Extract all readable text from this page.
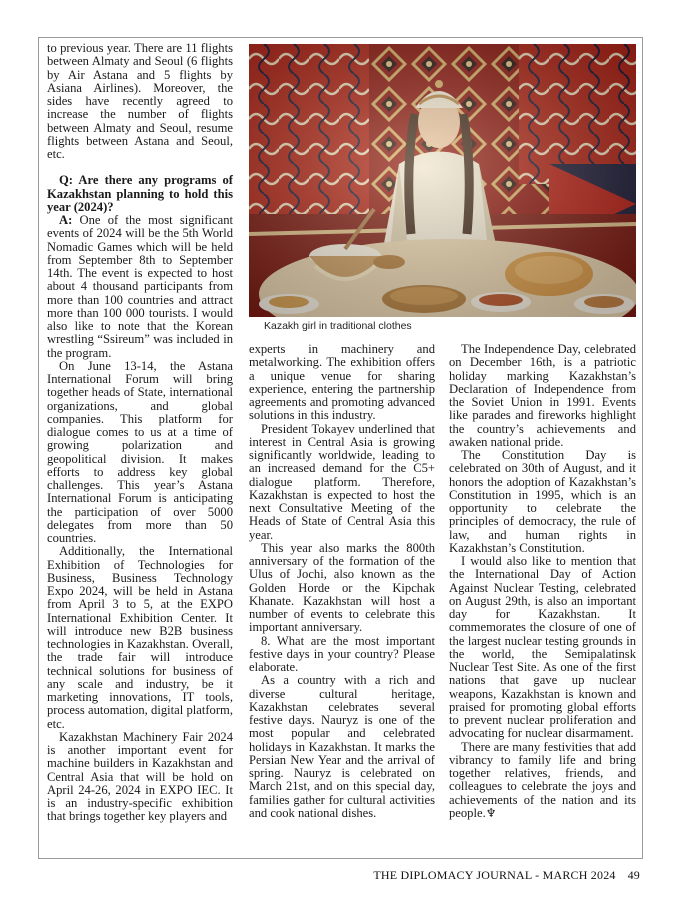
to previous year. There are 11 flights between Almaty and Seoul (6 flights by Air Astana and 5 flights by Asiana Airlines). Moreover, the sides have recently agreed to increase the number of flights between Almaty and Seoul, resume flights between Astana and Seoul, etc.

Q: Are there any programs of Kazakhstan planning to hold this year (2024)?

A: One of the most significant events of 2024 will be the 5th World Nomadic Games which will be held from September 8th to September 14th. The event is expected to host about 4 thousand participants from more than 100 countries and attract more than 100 000 tourists. I would also like to note that the Korean wrestling “Ssireum” was included in the program.

On June 13-14, the Astana International Forum will bring together heads of State, international organizations, and global companies. This platform for dialogue comes to us at a time of growing polarization and geopolitical division. It makes efforts to address key global challenges. This year’s Astana International Forum is anticipating the participation of over 5000 delegates from more than 50 countries.

Additionally, the International Exhibition of Technologies for Business, Business Technology Expo 2024, will be held in Astana from April 3 to 5, at the EXPO International Exhibition Center. It will introduce new B2B business technologies in Kazakhstan. Overall, the trade fair will introduce technical solutions for business of any scale and industry, be it marketing innovations, IT tools, process automation, digital platform, etc.

Kazakhstan Machinery Fair 2024 is another important event for machine builders in Kazakhstan and Central Asia that will be hold on April 24-26, 2024 in EXPO IEC. It is an industry-specific exhibition that brings together key players and

Kazakh girl in traditional clothes

experts in machinery and metalworking. The exhibition offers a unique venue for sharing experience, entering the partnership agreements and promoting advanced solutions in this industry.

President Tokayev underlined that interest in Central Asia is growing significantly worldwide, leading to an increased demand for the C5+ dialogue platform. Therefore, Kazakhstan is expected to host the next Consultative Meeting of the Heads of State of Central Asia this year.

This year also marks the 800th anniversary of the formation of the Ulus of Jochi, also known as the Golden Horde or the Kipchak Khanate. Kazakhstan will host a number of events to celebrate this important anniversary.

8. What are the most important festive days in your country? Please elaborate.

As a country with a rich and diverse cultural heritage, Kazakhstan celebrates several festive days. Nauryz is one of the most popular and celebrated holidays in Kazakhstan. It marks the Persian New Year and the arrival of spring. Nauryz is celebrated on March 21st, and on this special day, families gather for cultural activities and cook national dishes.

The Independence Day, celebrated on December 16th, is a patriotic holiday marking Kazakhstan’s Declaration of Independence from the Soviet Union in 1991. Events like parades and fireworks highlight the country’s achievements and awaken national pride.

The Constitution Day is celebrated on 30th of August, and it honors the adoption of Kazakhstan’s Constitution in 1995, which is an opportunity to celebrate the principles of democracy, the rule of law, and human rights in Kazakhstan’s Constitution.

I would also like to mention that the International Day of Action Against Nuclear Testing, celebrated on August 29th, is also an important day for Kazakhstan. It commemorates the closure of one of the largest nuclear testing grounds in the world, the Semipalatinsk Nuclear Test Site. As one of the first nations that gave up nuclear weapons, Kazakhstan is known and praised for promoting global efforts to prevent nuclear proliferation and advocating for nuclear disarmament.

There are many festivities that add vibrancy to family life and bring together relatives, friends, and colleagues to celebrate the joys and achievements of the nation and its people.♆

THE DIPLOMACY JOURNAL - MARCH 2024 49
